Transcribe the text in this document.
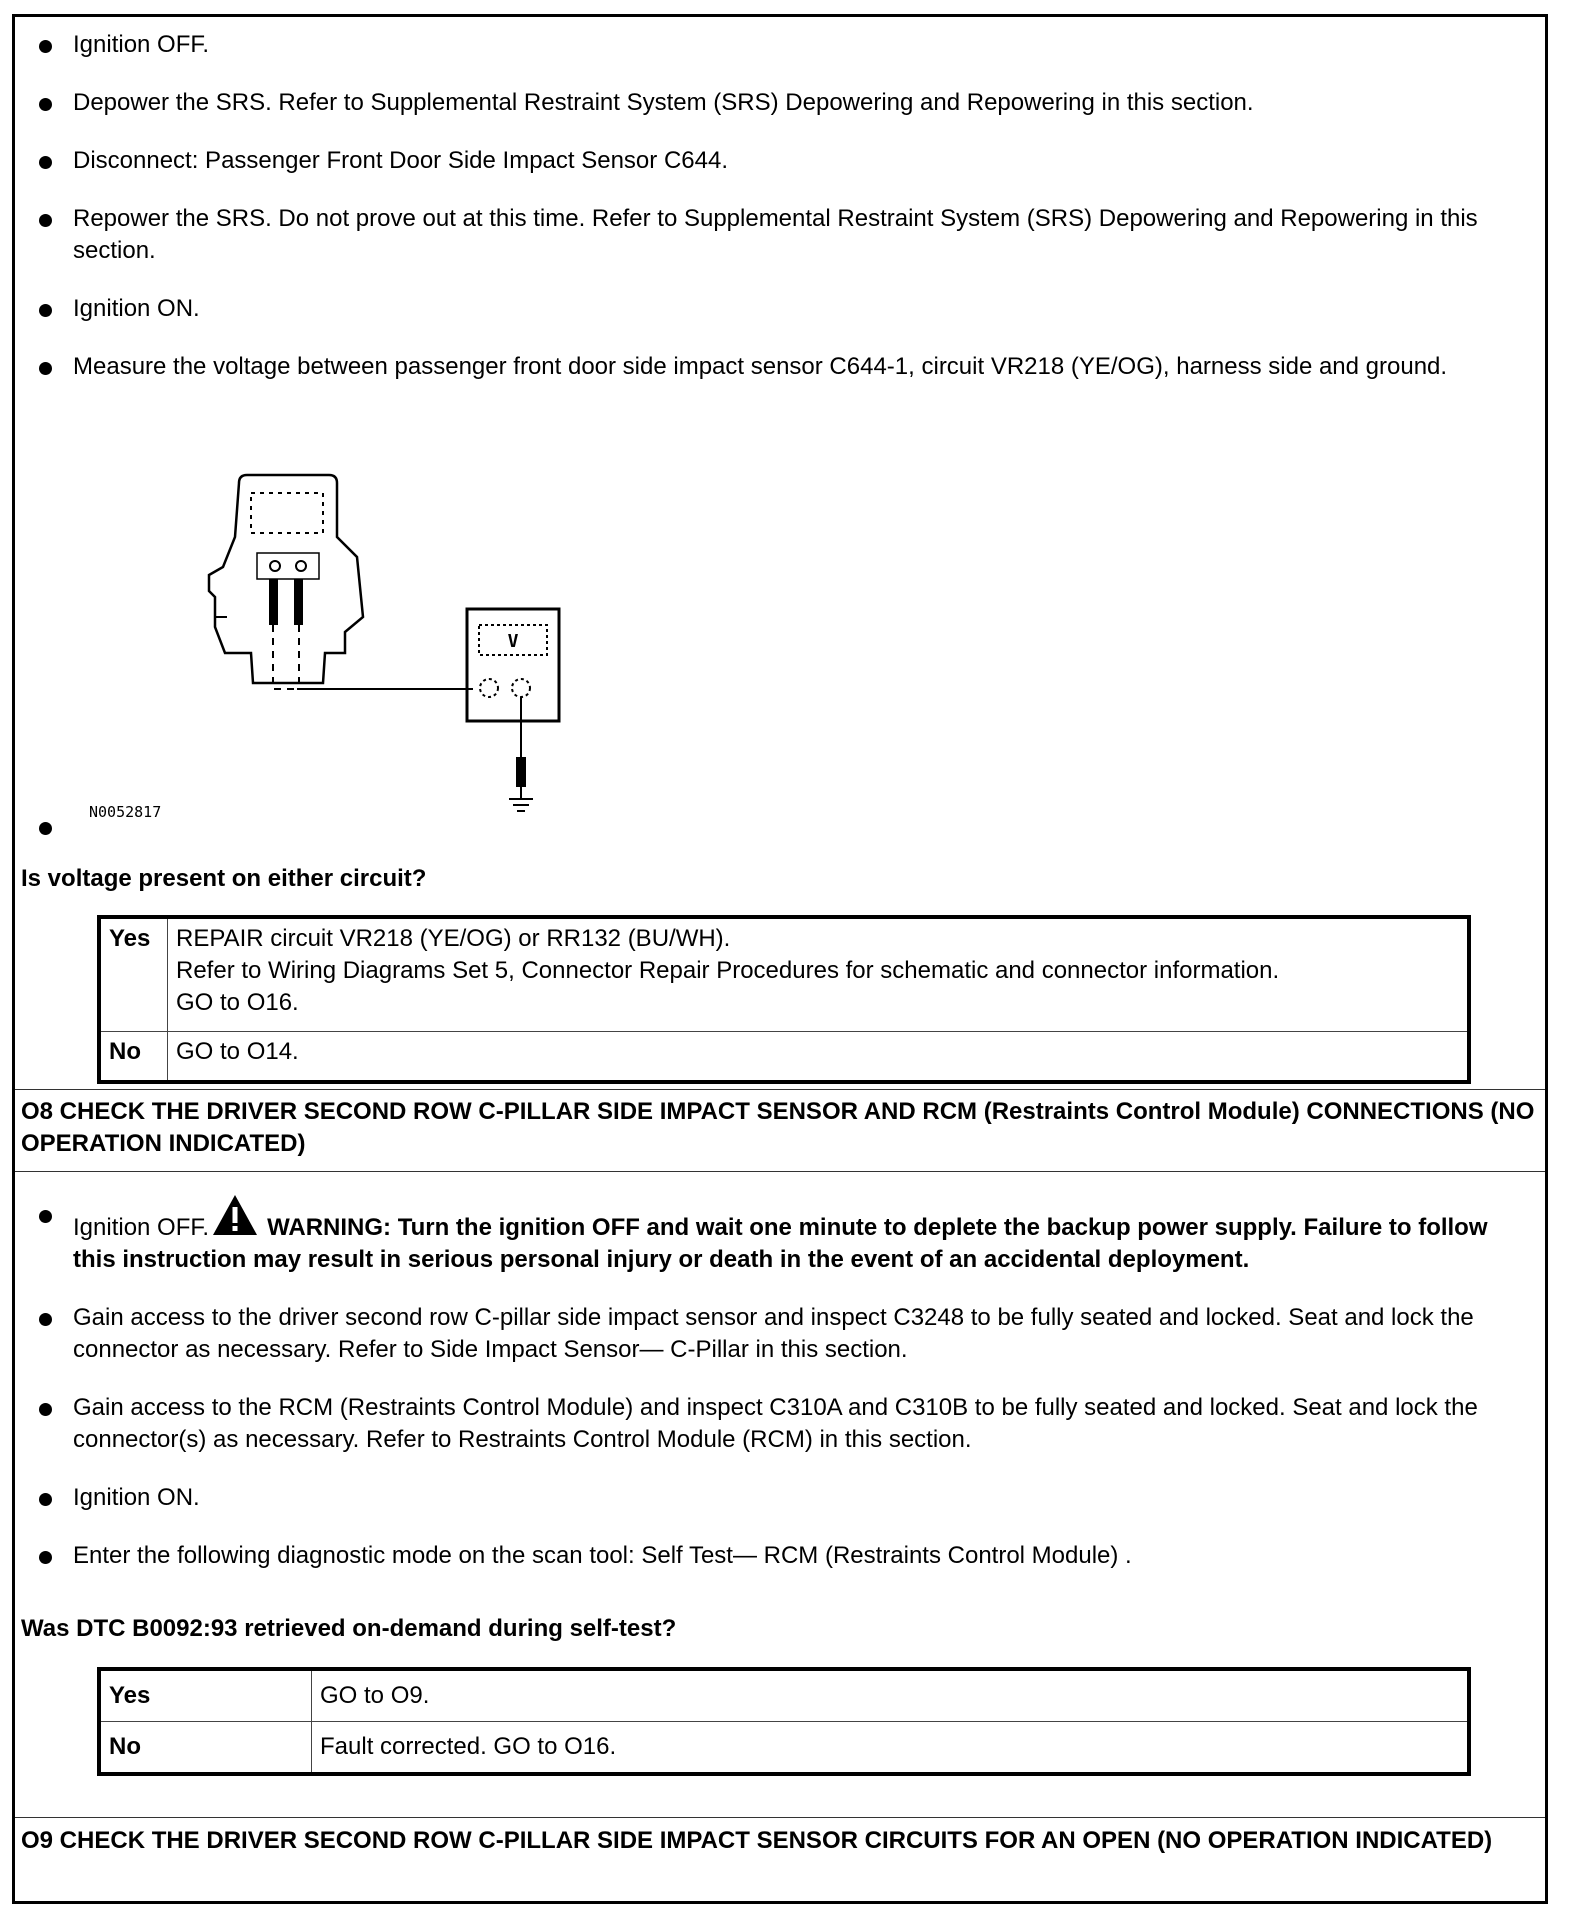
Ignition OFF.
Depower the SRS. Refer to Supplemental Restraint System (SRS) Depowering and Repowering in this section.
Disconnect: Passenger Front Door Side Impact Sensor C644.
Repower the SRS. Do not prove out at this time. Refer to Supplemental Restraint System (SRS) Depowering and Repowering in this section.
Ignition ON.
Measure the voltage between passenger front door side impact sensor C644-1, circuit VR218 (YE/OG), harness side and ground.
V
N0052817
Is voltage present on either circuit?
Yes	REPAIR circuit VR218 (YE/OG) or RR132 (BU/WH).
Refer to Wiring Diagrams Set 5, Connector Repair Procedures for schematic and connector information.
GO to O16.

No	GO to O14.
O8 CHECK THE DRIVER SECOND ROW C-PILLAR SIDE IMPACT SENSOR AND RCM (Restraints Control Module) CONNECTIONS (NO OPERATION INDICATED)
Ignition OFF. WARNING: Turn the ignition OFF and wait one minute to deplete the backup power supply. Failure to follow this instruction may result in serious personal injury or death in the event of an accidental deployment.
Gain access to the driver second row C-pillar side impact sensor and inspect C3248 to be fully seated and locked. Seat and lock the connector as necessary. Refer to Side Impact Sensor— C-Pillar in this section.
Gain access to the RCM (Restraints Control Module) and inspect C310A and C310B to be fully seated and locked. Seat and lock the connector(s) as necessary. Refer to Restraints Control Module (RCM) in this section.
Ignition ON.
Enter the following diagnostic mode on the scan tool: Self Test— RCM (Restraints Control Module) .
Was DTC B0092:93 retrieved on-demand during self-test?
Yes	GO to O9.
No	Fault corrected. GO to O16.
O9 CHECK THE DRIVER SECOND ROW C-PILLAR SIDE IMPACT SENSOR CIRCUITS FOR AN OPEN (NO OPERATION INDICATED)
